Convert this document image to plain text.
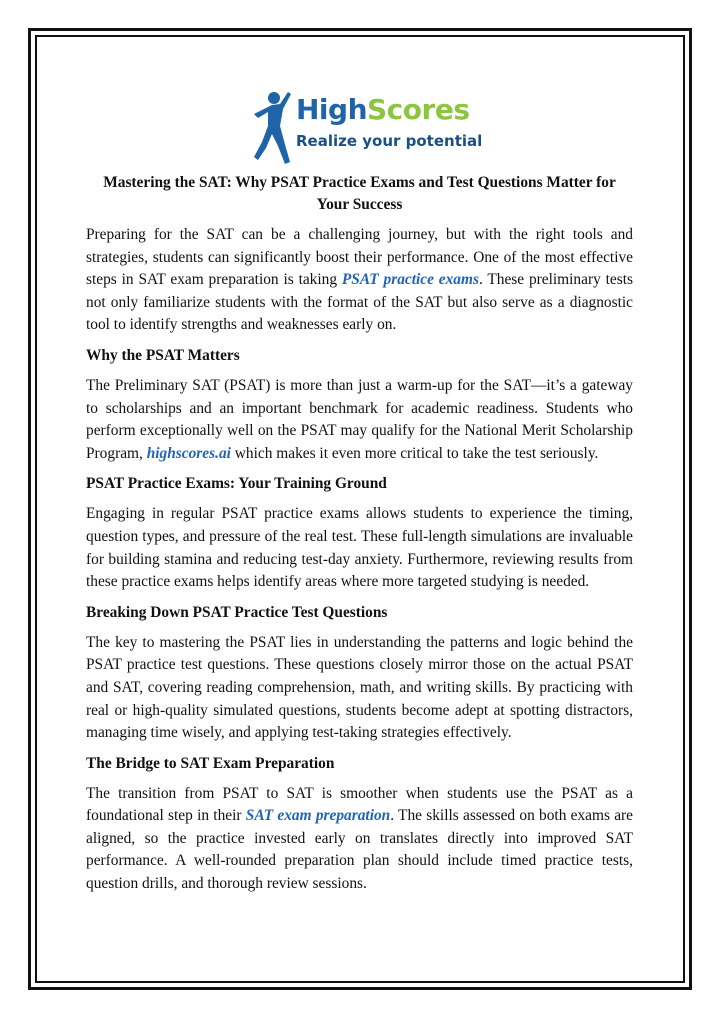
HighScores
Realize your potential
Mastering the SAT: Why PSAT Practice Exams and Test Questions Matter for Your Success

Preparing for the SAT can be a challenging journey, but with the right tools and strategies, students can significantly boost their performance. One of the most effective steps in SAT exam preparation is taking PSAT practice exams. These preliminary tests not only familiarize students with the format of the SAT but also serve as a diagnostic tool to identify strengths and weaknesses early on.

Why the PSAT Matters

The Preliminary SAT (PSAT) is more than just a warm-up for the SAT—it’s a gateway to scholarships and an important benchmark for academic readiness. Students who perform exceptionally well on the PSAT may qualify for the National Merit Scholarship Program, highscores.ai which makes it even more critical to take the test seriously.

PSAT Practice Exams: Your Training Ground

Engaging in regular PSAT practice exams allows students to experience the timing, question types, and pressure of the real test. These full-length simulations are invaluable for building stamina and reducing test-day anxiety. Furthermore, reviewing results from these practice exams helps identify areas where more targeted studying is needed.

Breaking Down PSAT Practice Test Questions

The key to mastering the PSAT lies in understanding the patterns and logic behind the PSAT practice test questions. These questions closely mirror those on the actual PSAT and SAT, covering reading comprehension, math, and writing skills. By practicing with real or high-quality simulated questions, students become adept at spotting distractors, managing time wisely, and applying test-taking strategies effectively.

The Bridge to SAT Exam Preparation

The transition from PSAT to SAT is smoother when students use the PSAT as a foundational step in their SAT exam preparation. The skills assessed on both exams are aligned, so the practice invested early on translates directly into improved SAT performance. A well-rounded preparation plan should include timed practice tests, question drills, and thorough review sessions.
